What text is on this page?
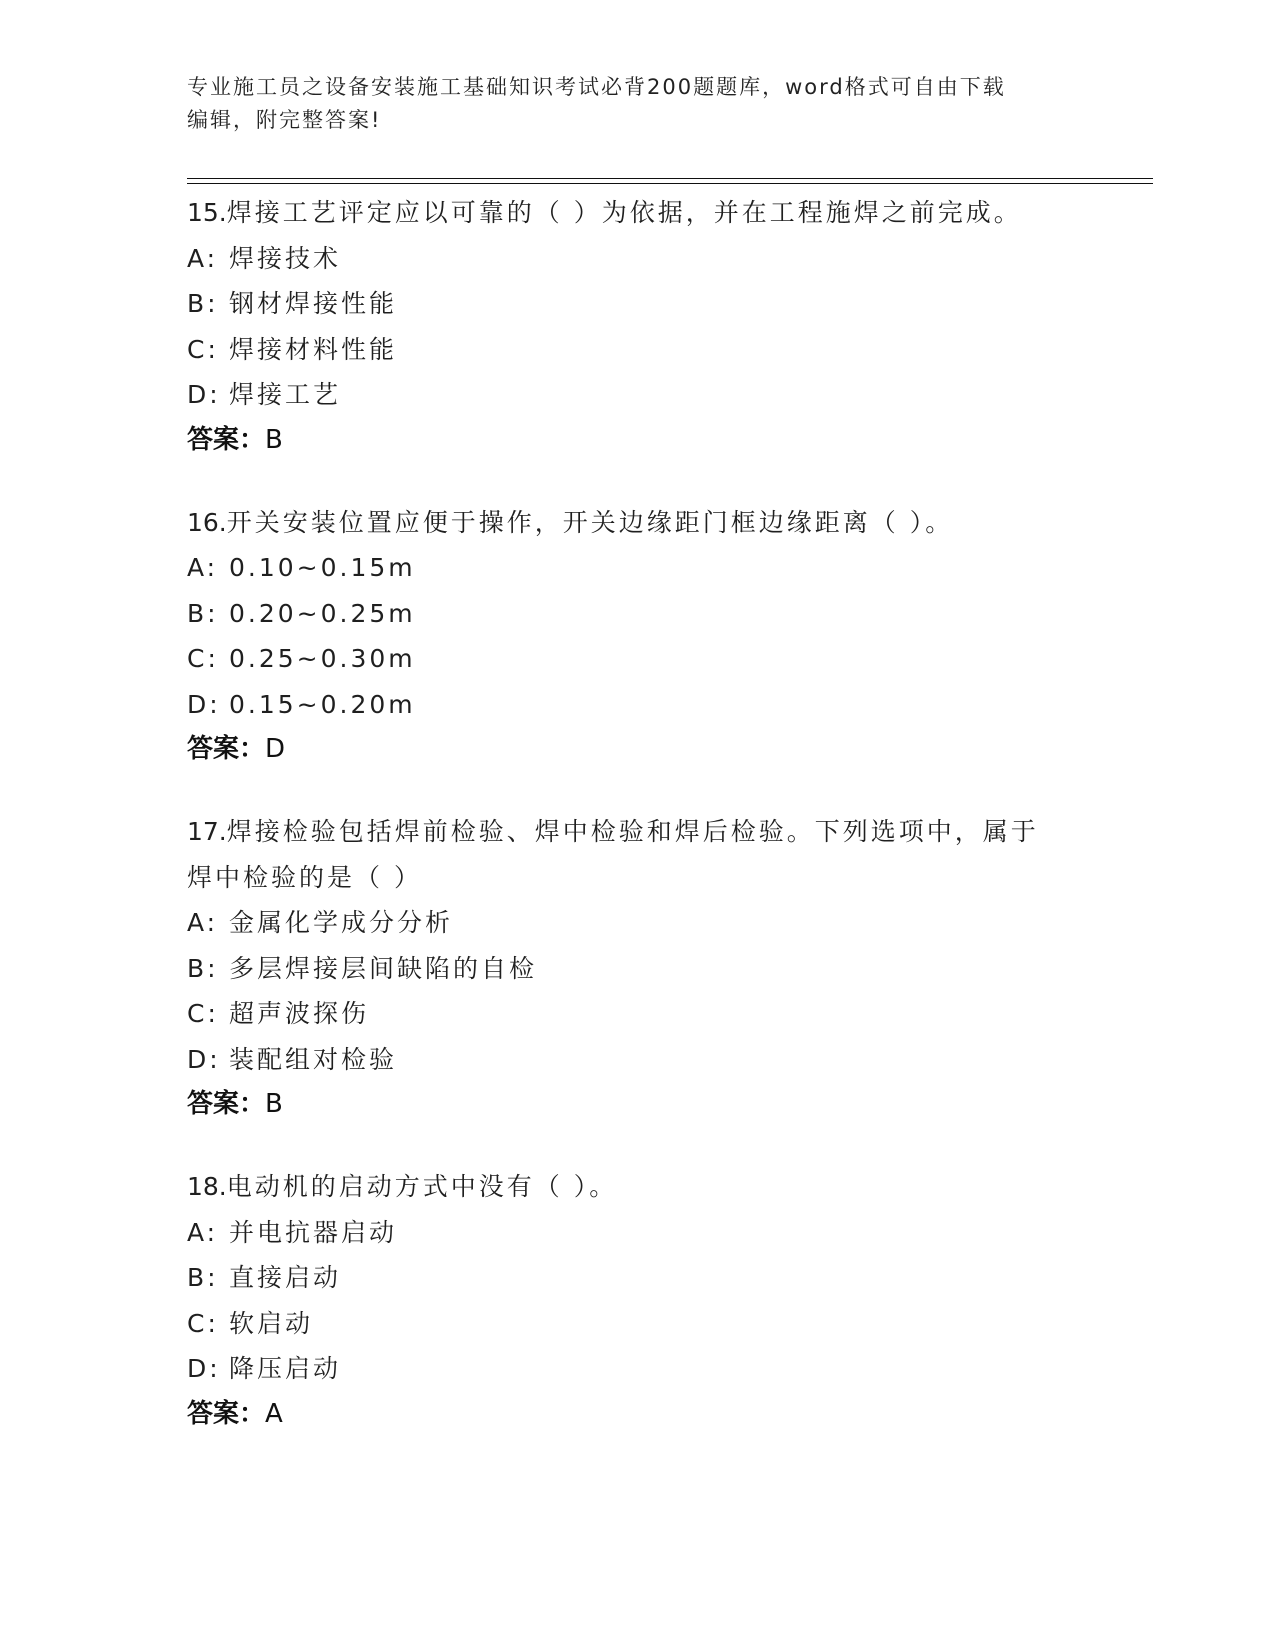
专业施工员之设备安装施工基础知识考试必背200题题库，word格式可自由下载
编辑，附完整答案!
15.焊接工艺评定应以可靠的（ ）为依据，并在工程施焊之前完成。
A: 焊接技术
B: 钢材焊接性能
C: 焊接材料性能
D: 焊接工艺
答案：B
16.开关安装位置应便于操作，开关边缘距门框边缘距离（ ）。
A: 0.10~0.15m
B: 0.20~0.25m
C: 0.25~0.30m
D: 0.15~0.20m
答案：D
17.焊接检验包括焊前检验、焊中检验和焊后检验。下列选项中，属于
焊中检验的是（ ）
A: 金属化学成分分析
B: 多层焊接层间缺陷的自检
C: 超声波探伤
D: 装配组对检验
答案：B
18.电动机的启动方式中没有（ ）。
A: 并电抗器启动
B: 直接启动
C: 软启动
D: 降压启动
答案：A
